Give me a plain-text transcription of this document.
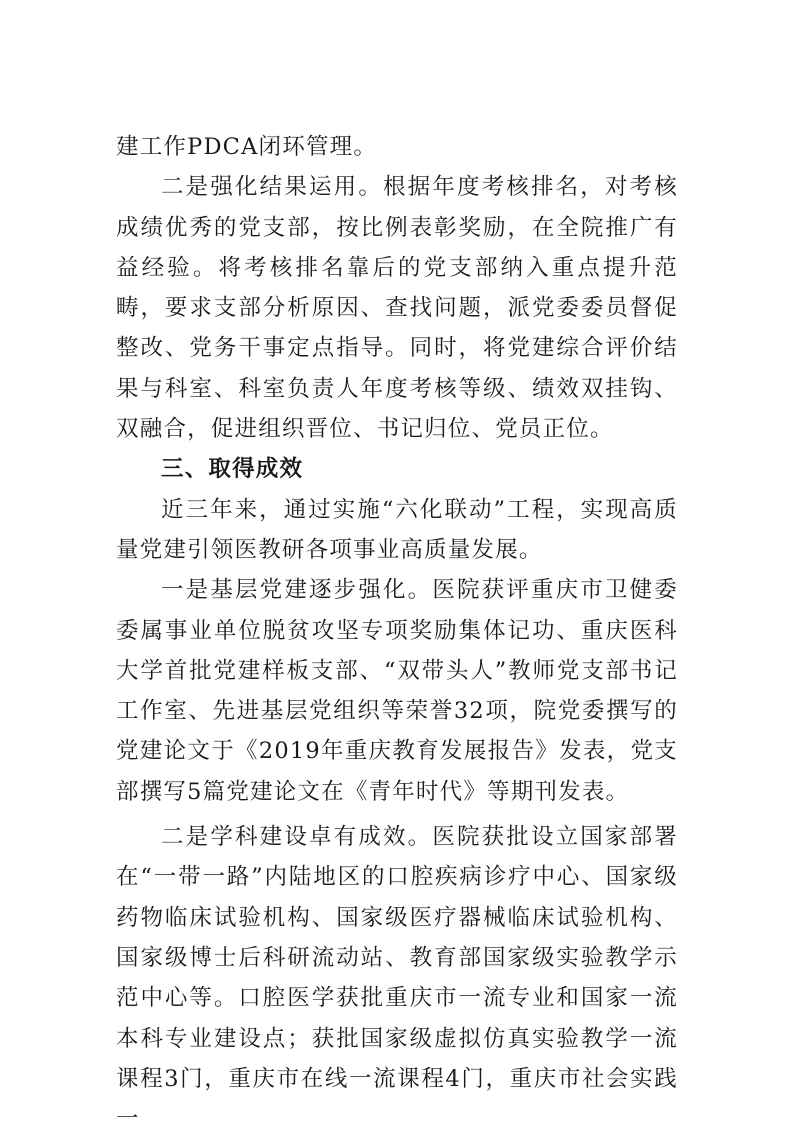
建工作PDCA闭环管理。

二是强化结果运用。根据年度考核排名，对考核成绩优秀的党支部，按比例表彰奖励，在全院推广有益经验。将考核排名靠后的党支部纳入重点提升范畴，要求支部分析原因、查找问题，派党委委员督促整改、党务干事定点指导。同时，将党建综合评价结果与科室、科室负责人年度考核等级、绩效双挂钩、双融合，促进组织晋位、书记归位、党员正位。

三、取得成效

近三年来，通过实施“六化联动”工程，实现高质量党建引领医教研各项事业高质量发展。

一是基层党建逐步强化。医院获评重庆市卫健委委属事业单位脱贫攻坚专项奖励集体记功、重庆医科大学首批党建样板支部、“双带头人”教师党支部书记工作室、先进基层党组织等荣誉32项，院党委撰写的党建论文于《2019年重庆教育发展报告》发表，党支部撰写5篇党建论文在《青年时代》等期刊发表。

二是学科建设卓有成效。医院获批设立国家部署在“一带一路”内陆地区的口腔疾病诊疗中心、国家级药物临床试验机构、国家级医疗器械临床试验机构、国家级博士后科研流动站、教育部国家级实验教学示范中心等。口腔医学获批重庆市一流专业和国家一流本科专业建设点；获批国家级虚拟仿真实验教学一流课程3门，重庆市在线一流课程4门，重庆市社会实践一
